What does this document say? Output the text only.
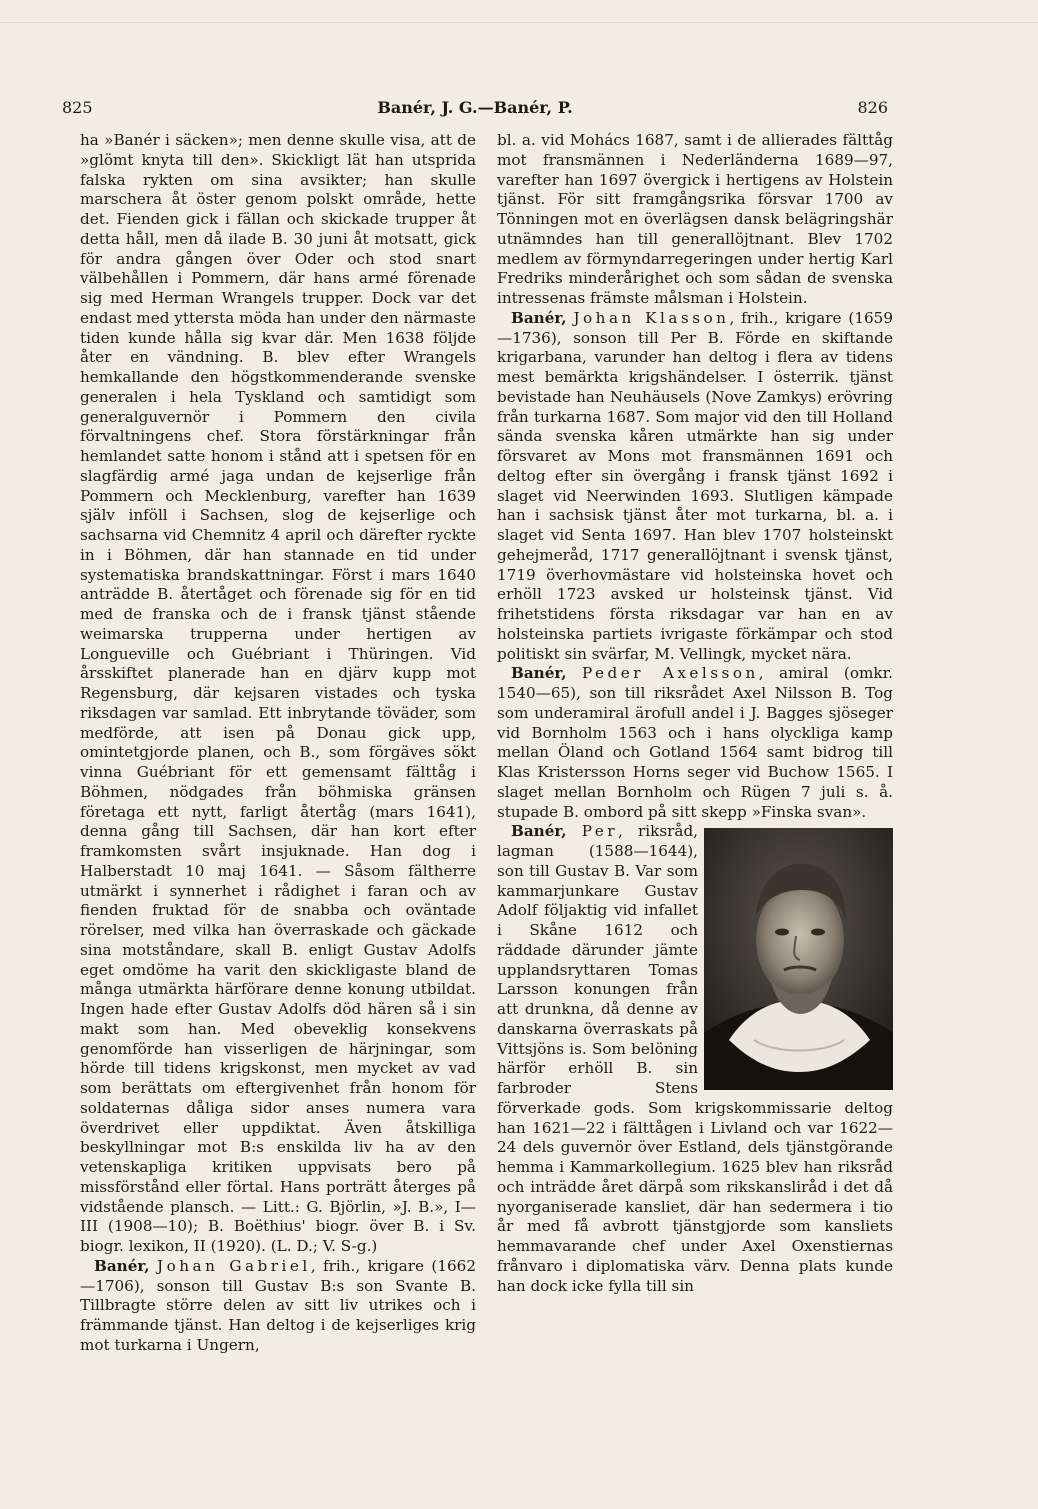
825	Banér, J. G.—Banér, P.	826

ha »Banér i säcken»; men denne skulle visa, att de »glömt knyta till den». Skickligt lät han utsprida falska rykten om sina avsikter; han skulle marschera åt öster genom polskt område, hette det. Fienden gick i fällan och skickade trupper åt detta håll, men då ilade B. 30 juni åt motsatt, gick för andra gången över Oder och stod snart välbehållen i Pommern, där hans armé förenade sig med Herman Wrangels trupper. Dock var det endast med yttersta möda han under den närmaste tiden kunde hålla sig kvar där. Men 1638 följde åter en vändning. B. blev efter Wrangels hemkallande den högstkommenderande svenske generalen i hela Tyskland och samtidigt som generalguvernör i Pommern den civila förvaltningens chef. Stora förstärkningar från hemlandet satte honom i stånd att i spetsen för en slagfärdig armé jaga undan de kejserlige från Pommern och Mecklenburg, varefter han 1639 själv inföll i Sachsen, slog de kejserlige och sachsarna vid Chemnitz 4 april och därefter ryckte in i Böhmen, där han stannade en tid under systematiska brandskattningar. Först i mars 1640 anträdde B. återtåget och förenade sig för en tid med de franska och de i fransk tjänst stående weimarska trupperna under hertigen av Longueville och Guébriant i Thüringen. Vid årsskiftet planerade han en djärv kupp mot Regensburg, där kejsaren vistades och tyska riksdagen var samlad. Ett inbrytande töväder, som medförde, att isen på Donau gick upp, omintetgjorde planen, och B., som förgäves sökt vinna Guébriant för ett gemensamt fälttåg i Böhmen, nödgades från böhmiska gränsen företaga ett nytt, farligt återtåg (mars 1641), denna gång till Sachsen, där han kort efter framkomsten svårt insjuknade. Han dog i Halberstadt 10 maj 1641. — Såsom fältherre utmärkt i synnerhet i rådighet i faran och av fienden fruktad för de snabba och oväntade rörelser, med vilka han överraskade och gäckade sina motståndare, skall B. enligt Gustav Adolfs eget omdöme ha varit den skickligaste bland de många utmärkta härförare denne konung utbildat. Ingen hade efter Gustav Adolfs död hären så i sin makt som han. Med obeveklig konsekvens genomförde han visserligen de härjningar, som hörde till tidens krigskonst, men mycket av vad som berättats om eftergivenhet från honom för soldaternas dåliga sidor anses numera vara överdrivet eller uppdiktat. Även åtskilliga beskyllningar mot B:s enskilda liv ha av den vetenskapliga kritiken uppvisats bero på missförstånd eller förtal. Hans porträtt återges på vidstående plansch. — Litt.: G. Björlin, »J. B.», I—III (1908—10); B. Boëthius' biogr. över B. i Sv. biogr. lexikon, II (1920). (L. D.; V. S-g.)

Banér, Johan Gabriel, frih., krigare (1662—1706), sonson till Gustav B:s son Svante B. Tillbragte större delen av sitt liv utrikes och i främmande tjänst. Han deltog i de kejserliges krig mot turkarna i Ungern,

bl. a. vid Mohács 1687, samt i de allierades fälttåg mot fransmännen i Nederländerna 1689—97, varefter han 1697 övergick i hertigens av Holstein tjänst. För sitt framgångsrika försvar 1700 av Tönningen mot en överlägsen dansk belägringshär utnämndes han till generallöjtnant. Blev 1702 medlem av förmyndarregeringen under hertig Karl Fredriks minderårighet och som sådan de svenska intressenas främste målsman i Holstein.

Banér, Johan Klasson, frih., krigare (1659—1736), sonson till Per B. Förde en skiftande krigarbana, varunder han deltog i flera av tidens mest bemärkta krigshändelser. I österrik. tjänst bevistade han Neuhäusels (Nove Zamkys) erövring från turkarna 1687. Som major vid den till Holland sända svenska kåren utmärkte han sig under försvaret av Mons mot fransmännen 1691 och deltog efter sin övergång i fransk tjänst 1692 i slaget vid Neerwinden 1693. Slutligen kämpade han i sachsisk tjänst åter mot turkarna, bl. a. i slaget vid Senta 1697. Han blev 1707 holsteinskt gehejmeråd, 1717 generallöjtnant i svensk tjänst, 1719 överhovmästare vid holsteinska hovet och erhöll 1723 avsked ur holsteinsk tjänst. Vid frihetstidens första riksdagar var han en av holsteinska partiets ivrigaste förkämpar och stod politiskt sin svärfar, M. Vellingk, mycket nära.

Banér, Peder Axelsson, amiral (omkr. 1540—65), son till riksrådet Axel Nilsson B. Tog som underamiral ärofull andel i J. Bagges sjöseger vid Bornholm 1563 och i hans olyckliga kamp mellan Öland och Gotland 1564 samt bidrog till Klas Kristersson Horns seger vid Buchow 1565. I slaget mellan Bornholm och Rügen 7 juli s. å. stupade B. ombord på sitt skepp »Finska svan».

Banér, Per, riksråd, lagman (1588—1644), son till Gustav B. Var som kammarjunkare Gustav Adolf följaktig vid infallet i Skåne 1612 och räddade därunder jämte upplandsryttaren Tomas Larsson konungen från att drunkna, då denne av danskarna överraskats på Vittsjöns is. Som belöning härför erhöll B. sin farbroder Stens förverkade gods. Som krigskommissarie deltog han 1621—22 i fälttågen i Livland och var 1622—24 dels guvernör över Estland, dels tjänstgörande hemma i Kammarkollegium. 1625 blev han riksråd och inträdde året därpå som rikskansliråd i det då nyorganiserade kansliet, där han sedermera i tio år med få avbrott tjänstgjorde som kansliets hemmavarande chef under Axel Oxenstiernas frånvaro i diplomatiska värv. Denna plats kunde han dock icke fylla till sin
